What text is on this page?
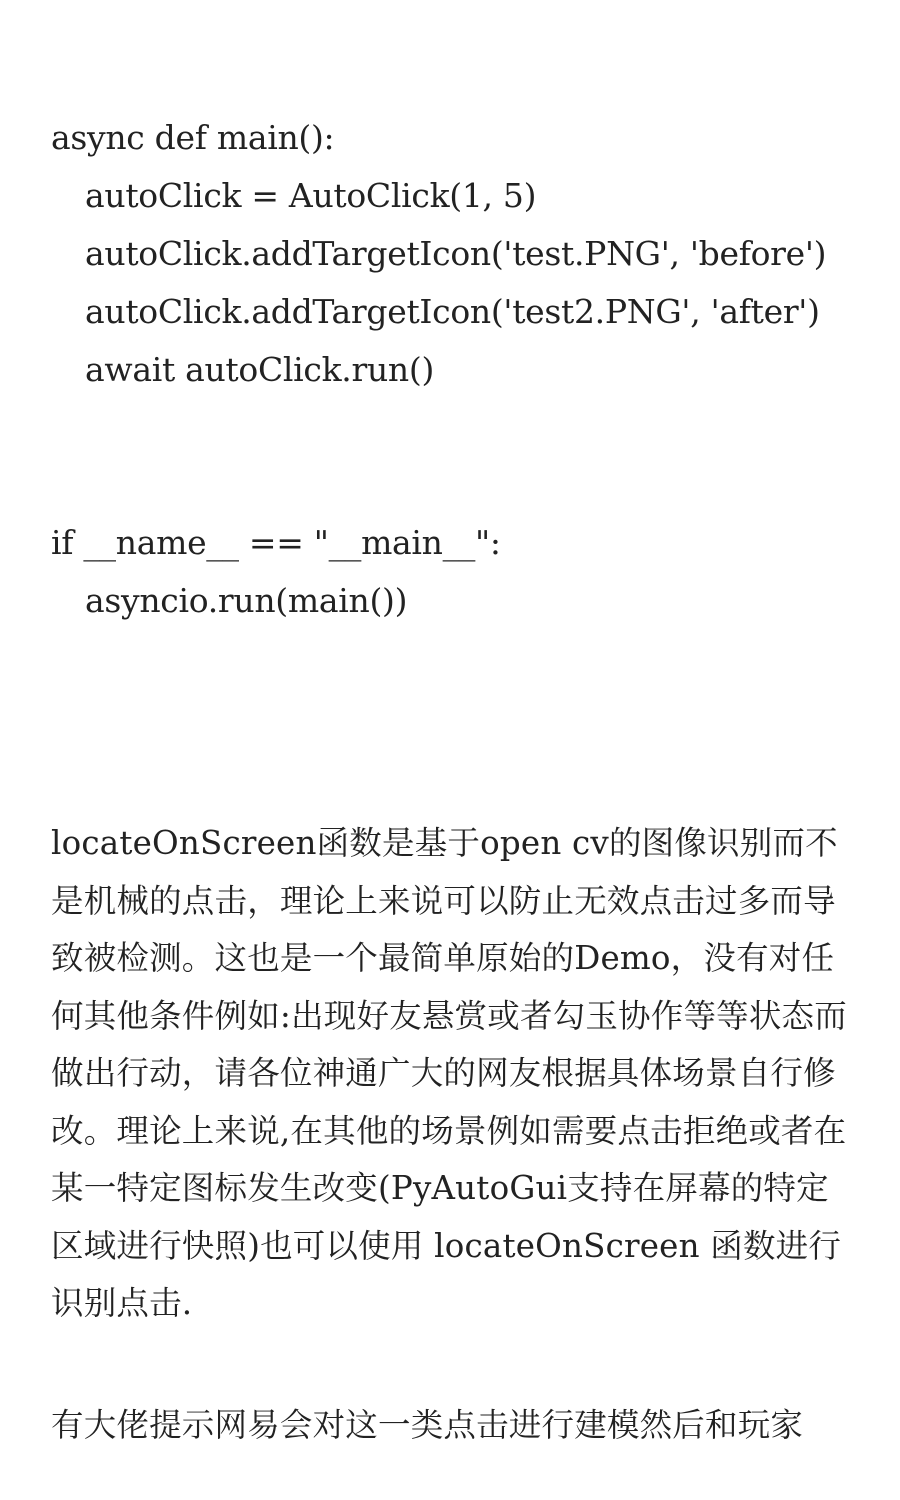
async def main():
autoClick = AutoClick(1, 5)
autoClick.addTargetIcon('test.PNG', 'before')
autoClick.addTargetIcon('test2.PNG', 'after')
await autoClick.run()
if __name__ == "__main__":
asyncio.run(main())

locateOnScreen函数是基于open cv的图像识别而不是机械的点击，理论上来说可以防止无效点击过多而导致被检测。这也是一个最简单原始的Demo，没有对任何其他条件例如:出现好友悬赏或者勾玉协作等等状态而做出行动，请各位神通广大的网友根据具体场景自行修改。理论上来说,在其他的场景例如需要点击拒绝或者在某一特定图标发生改变(PyAutoGui支持在屏幕的特定区域进行快照)也可以使用 locateOnScreen 函数进行识别点击.

有大佬提示网易会对这一类点击进行建模然后和玩家
